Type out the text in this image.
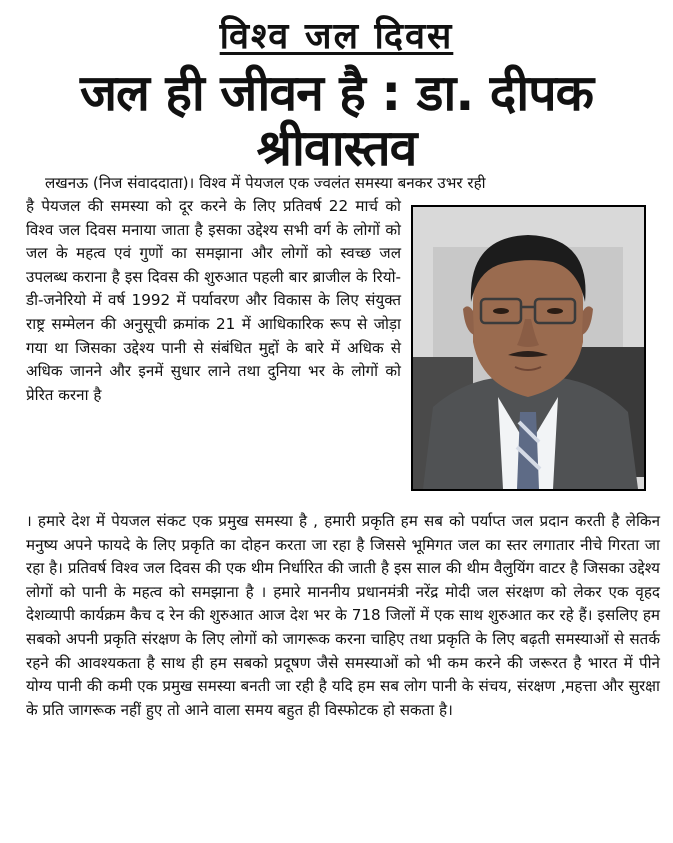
विश्व जल दिवस
जल ही जीवन है : डा. दीपक श्रीवास्तव
लखनऊ (निज संवाददाता)। विश्व में पेयजल एक ज्वलंत समस्या बनकर उभर रही
है पेयजल की समस्या को दूर करने के लिए प्रतिवर्ष 22 मार्च को विश्व जल दिवस मनाया जाता है इसका उद्देश्य सभी वर्ग के लोगों को जल के महत्व एवं गुणों का समझाना और लोगों को स्वच्छ जल उपलब्ध कराना है इस दिवस की शुरुआत पहली बार ब्राजील के रियो-डी-जनेरियो में वर्ष 1992 में पर्यावरण और विकास के लिए संयुक्त राष्ट्र सम्मेलन की अनुसूची क्रमांक 21 में आधिकारिक रूप से जोड़ा गया था जिसका उद्देश्य पानी से संबंधित मुद्दों के बारे में अधिक से अधिक जानने और इनमें सुधार लाने तथा दुनिया भर के लोगों को प्रेरित करना है
। हमारे देश में पेयजल संकट एक प्रमुख समस्या है , हमारी प्रकृति हम सब को पर्याप्त जल प्रदान करती है लेकिन मनुष्य अपने फायदे के लिए प्रकृति का दोहन करता जा रहा है जिससे भूमिगत जल का स्तर लगातार नीचे गिरता जा रहा है। प्रतिवर्ष विश्व जल दिवस की एक थीम निर्धारित की जाती है इस साल की थीम वैलुयिंग वाटर है जिसका उद्देश्य लोगों को पानी के महत्व को समझाना है । हमारे माननीय प्रधानमंत्री नरेंद्र मोदी जल संरक्षण को लेकर एक वृहद देशव्यापी कार्यक्रम कैच द रेन की शुरुआत आज देश भर के 718 जिलों में एक साथ शुरुआत कर रहे हैं। इसलिए हम सबको अपनी प्रकृति संरक्षण के लिए लोगों को जागरूक करना चाहिए तथा प्रकृति के लिए बढ़ती समस्याओं से सतर्क रहने की आवश्यकता है साथ ही हम सबको प्रदूषण जैसे समस्याओं को भी कम करने की जरूरत है भारत में पीने योग्य पानी की कमी एक प्रमुख समस्या बनती जा रही है यदि हम सब लोग पानी के संचय, संरक्षण ,महत्ता और सुरक्षा के प्रति जागरूक नहीं हुए तो आने वाला समय बहुत ही विस्फोटक हो सकता है।
